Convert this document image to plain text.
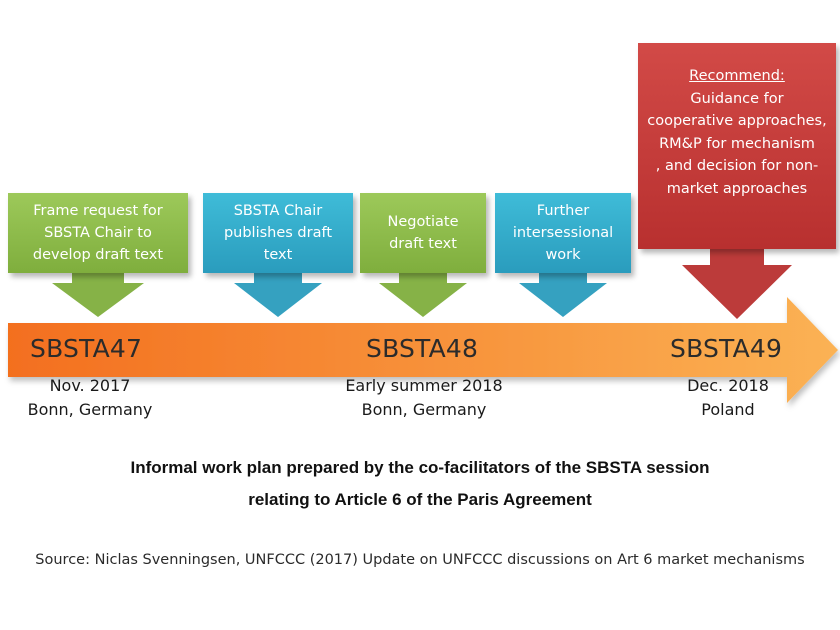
Frame request for
SBSTA Chair to
develop draft text
SBSTA Chair
publishes draft
text
Negotiate
draft text
Further
intersessional
work
Recommend:
Guidance for
cooperative approaches,
RM&P for mechanism
, and decision for non-
market approaches
SBSTA47
Nov. 2017
Bonn, Germany
SBSTA48
Early summer 2018
Bonn, Germany
SBSTA49
Dec. 2018
Poland
Informal work plan prepared by the co-facilitators of the SBSTA session
relating to Article 6 of the Paris Agreement
Source: Niclas Svenningsen, UNFCCC (2017) Update on UNFCCC discussions on Art 6 market mechanisms
